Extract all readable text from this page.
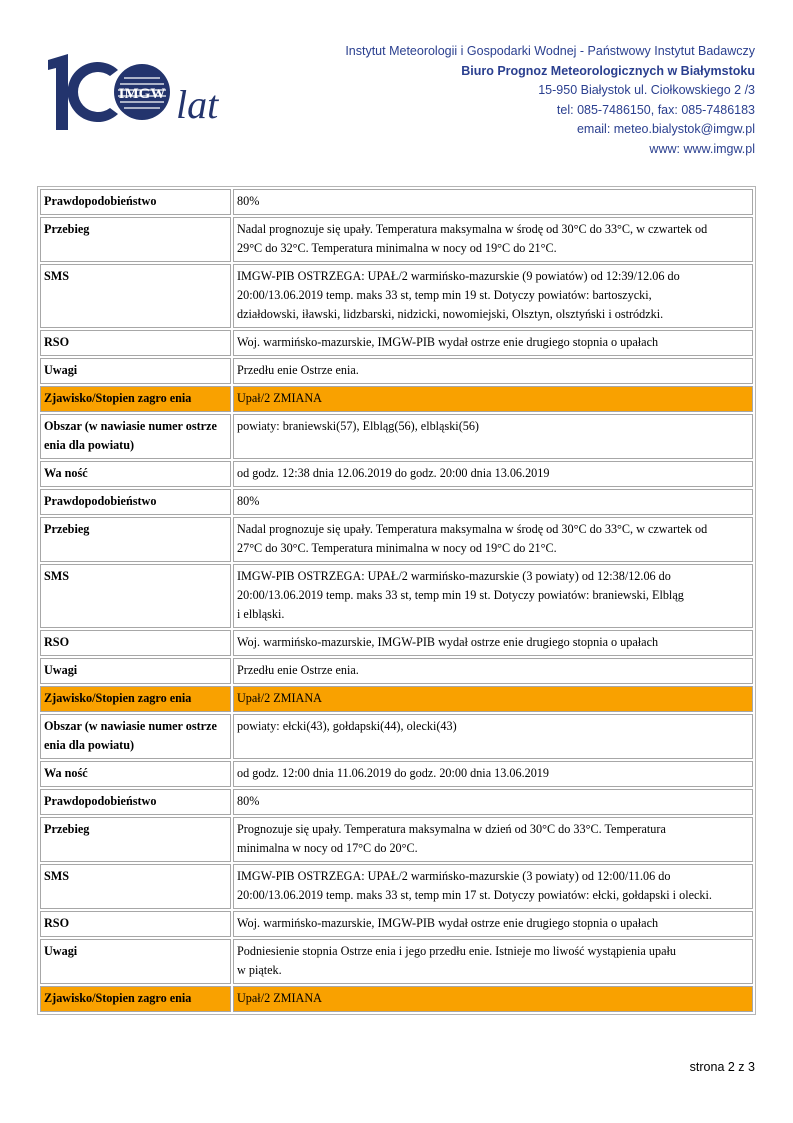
IMGW lat
Instytut Meteorologii i Gospodarki Wodnej - Państwowy Instytut Badawczy
Biuro Prognoz Meteorologicznych w Białymstoku
15-950 Białystok ul. Ciołkowskiego 2 /3
tel: 085-7486150, fax: 085-7486183
email: meteo.bialystok@imgw.pl
www: www.imgw.pl
Prawdopodobieństwo	80%

Przebieg	Nadal prognozuje się upały. Temperatura maksymalna w środę od 30°C do 33°C, w czwartek od
29°C do 32°C. Temperatura minimalna w nocy od 19°C do 21°C.

SMS	IMGW-PIB OSTRZEGA: UPAŁ/2 warmińsko-mazurskie (9 powiatów) od 12:39/12.06 do
20:00/13.06.2019 temp. maks 33 st, temp min 19 st. Dotyczy powiatów: bartoszycki,
działdowski, iławski, lidzbarski, nidzicki, nowomiejski, Olsztyn, olsztyński i ostródzki.

RSO	Woj. warmińsko-mazurskie, IMGW-PIB wydał ostrze enie drugiego stopnia o upałach

Uwagi	Przedłu enie Ostrze enia.

Zjawisko/Stopien zagro enia	Upał/2 ZMIANA

Obszar (w nawiasie numer ostrze enia dla powiatu)	powiaty: braniewski(57), Elbląg(56), elbląski(56)

Wa ność	od godz. 12:38 dnia 12.06.2019 do godz. 20:00 dnia 13.06.2019

Prawdopodobieństwo	80%

Przebieg	Nadal prognozuje się upały. Temperatura maksymalna w środę od 30°C do 33°C, w czwartek od
27°C do 30°C. Temperatura minimalna w nocy od 19°C do 21°C.

SMS	IMGW-PIB OSTRZEGA: UPAŁ/2 warmińsko-mazurskie (3 powiaty) od 12:38/12.06 do
20:00/13.06.2019 temp. maks 33 st, temp min 19 st. Dotyczy powiatów: braniewski, Elbląg
i elbląski.

RSO	Woj. warmińsko-mazurskie, IMGW-PIB wydał ostrze enie drugiego stopnia o upałach

Uwagi	Przedłu enie Ostrze enia.

Zjawisko/Stopien zagro enia	Upał/2 ZMIANA

Obszar (w nawiasie numer ostrze enia dla powiatu)	powiaty: ełcki(43), gołdapski(44), olecki(43)

Wa ność	od godz. 12:00 dnia 11.06.2019 do godz. 20:00 dnia 13.06.2019

Prawdopodobieństwo	80%

Przebieg	Prognozuje się upały. Temperatura maksymalna w dzień od 30°C do 33°C. Temperatura
minimalna w nocy od 17°C do 20°C.

SMS	IMGW-PIB OSTRZEGA: UPAŁ/2 warmińsko-mazurskie (3 powiaty) od 12:00/11.06 do
20:00/13.06.2019 temp. maks 33 st, temp min 17 st. Dotyczy powiatów: ełcki, gołdapski i olecki.

RSO	Woj. warmińsko-mazurskie, IMGW-PIB wydał ostrze enie drugiego stopnia o upałach

Uwagi	Podniesienie stopnia Ostrze enia i jego przedłu enie. Istnieje mo liwość wystąpienia upału
w piątek.

Zjawisko/Stopien zagro enia	Upał/2 ZMIANA
strona 2 z 3
